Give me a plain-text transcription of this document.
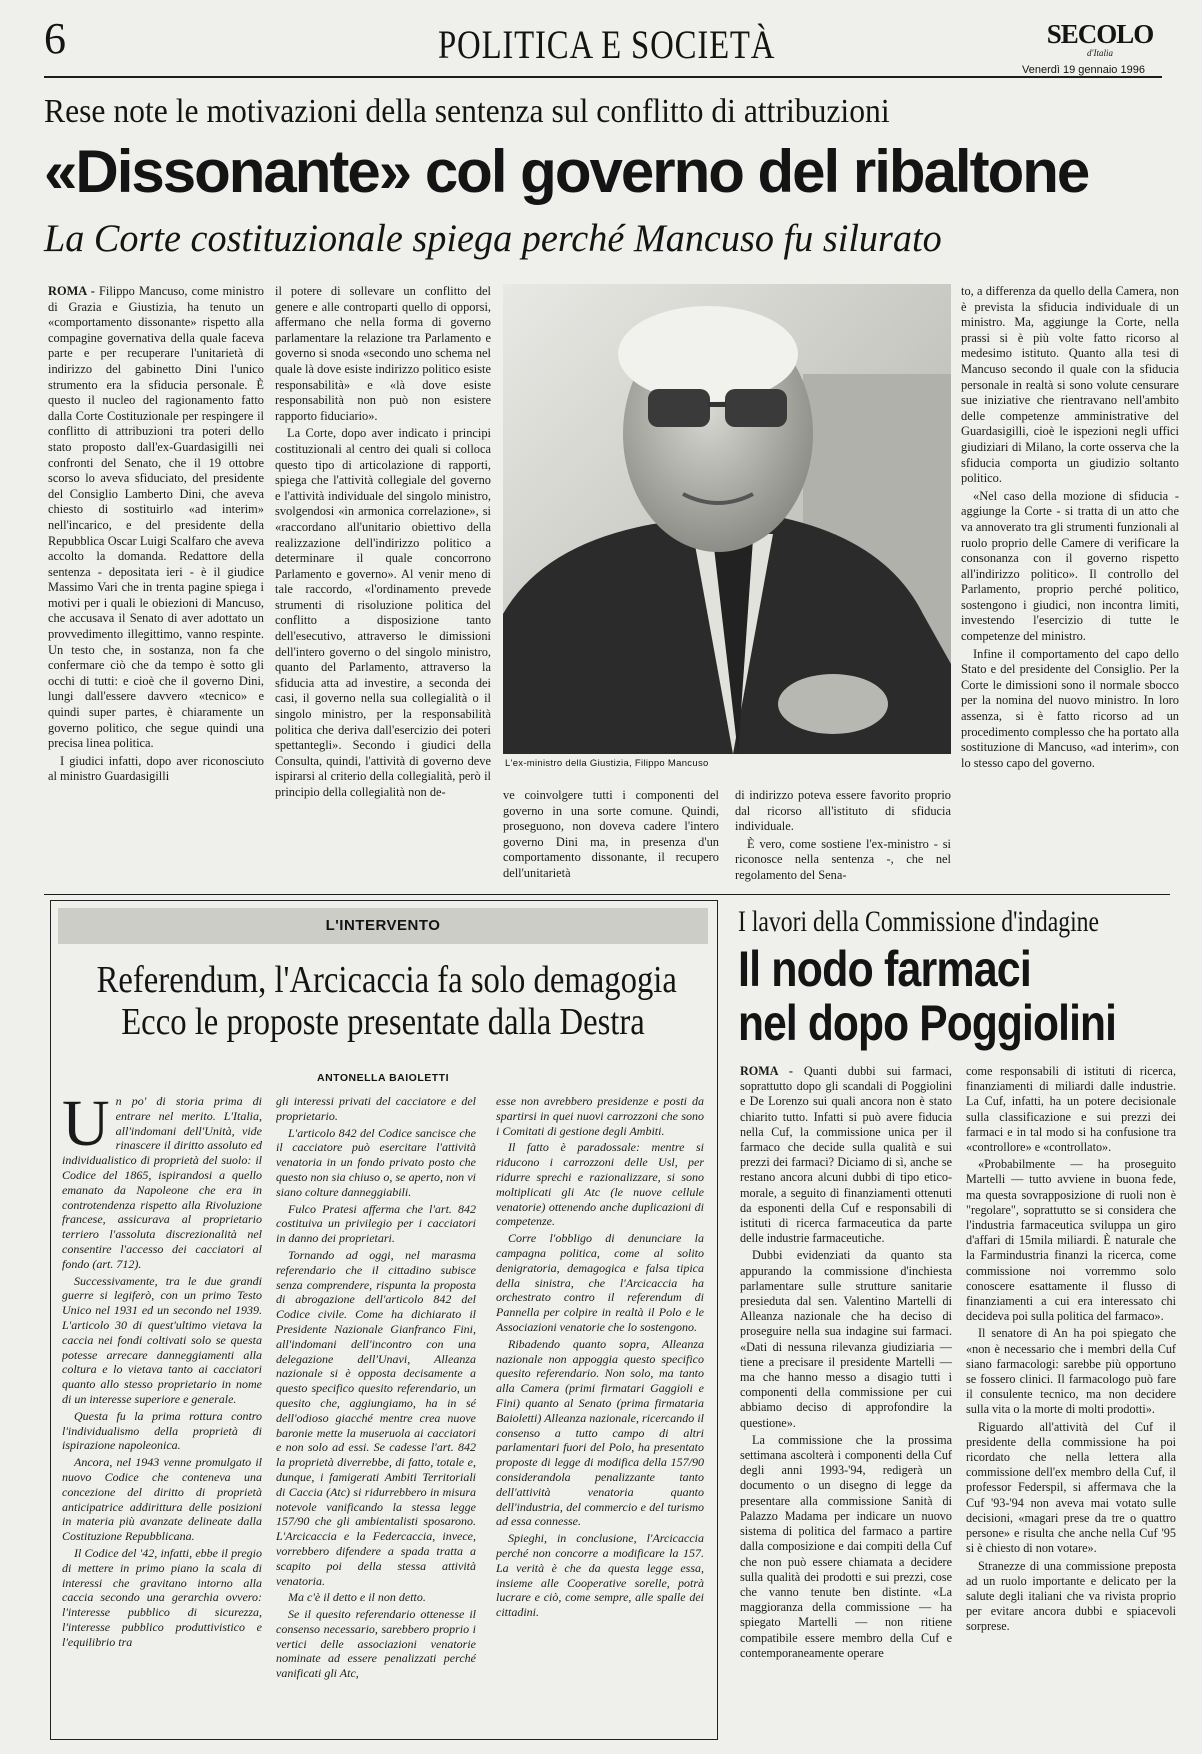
6	POLITICA E SOCIETÀ	SECOLO
d'Italia
Venerdì 19 gennaio 1996
Rese note le motivazioni della sentenza sul conflitto di attribuzioni
«Dissonante» col governo del ribaltone
La Corte costituzionale spiega perché Mancuso fu silurato

ROMA - Filippo Mancuso, come ministro di Grazia e Giustizia, ha tenuto un «comportamento dissonante» rispetto alla compagine governativa della quale faceva parte e per recuperare l'unitarietà di indirizzo del gabinetto Dini l'unico strumento era la sfiducia personale. È questo il nucleo del ragionamento fatto dalla Corte Costituzionale per respingere il conflitto di attribuzioni tra poteri dello stato proposto dall'ex-Guardasigilli nei confronti del Senato, che il 19 ottobre scorso lo aveva sfiduciato, del presidente del Consiglio Lamberto Dini, che aveva chiesto di sostituirlo «ad interim» nell'incarico, e del presidente della Repubblica Oscar Luigi Scalfaro che aveva accolto la domanda. Redattore della sentenza - depositata ieri - è il giudice Massimo Vari che in trenta pagine spiega i motivi per i quali le obiezioni di Mancuso, che accusava il Senato di aver adottato un provvedimento illegittimo, vanno respinte. Un testo che, in sostanza, non fa che confermare ciò che da tempo è sotto gli occhi di tutti: e cioè che il governo Dini, lungi dall'essere davvero «tecnico» e quindi super partes, è chiaramente un governo politico, che segue quindi una precisa linea politica.

I giudici infatti, dopo aver riconosciuto al ministro Guardasigilli

il potere di sollevare un conflitto del genere e alle controparti quello di opporsi, affermano che nella forma di governo parlamentare la relazione tra Parlamento e governo si snoda «secondo uno schema nel quale là dove esiste indirizzo politico esiste responsabilità» e «là dove esiste responsabilità non può non esistere rapporto fiduciario».

La Corte, dopo aver indicato i principi costituzionali al centro dei quali si colloca questo tipo di articolazione di rapporti, spiega che l'attività collegiale del governo e l'attività individuale del singolo ministro, svolgendosi «in armonica correlazione», si «raccordano all'unitario obiettivo della realizzazione dell'indirizzo politico a determinare il quale concorrono Parlamento e governo». Al venir meno di tale raccordo, «l'ordinamento prevede strumenti di risoluzione politica del conflitto a disposizione tanto dell'esecutivo, attraverso le dimissioni dell'intero governo o del singolo ministro, quanto del Parlamento, attraverso la sfiducia atta ad investire, a seconda dei casi, il governo nella sua collegialità o il singolo ministro, per la responsabilità politica che deriva dall'esercizio dei poteri spettantegli». Secondo i giudici della Consulta, quindi, l'attività di governo deve ispirarsi al criterio della collegialità, però il principio della collegialità non de-

L'ex-ministro della Giustizia, Filippo Mancuso

ve coinvolgere tutti i componenti del governo in una sorte comune. Quindi, proseguono, non doveva cadere l'intero governo Dini ma, in presenza d'un comportamento dissonante, il recupero dell'unitarietà

di indirizzo poteva essere favorito proprio dal ricorso all'istituto di sfiducia individuale.

È vero, come sostiene l'ex-ministro - si riconosce nella sentenza -, che nel regolamento del Sena-

to, a differenza da quello della Camera, non è prevista la sfiducia individuale di un ministro. Ma, aggiunge la Corte, nella prassi si è più volte fatto ricorso al medesimo istituto. Quanto alla tesi di Mancuso secondo il quale con la sfiducia personale in realtà si sono volute censurare sue iniziative che rientravano nell'ambito delle competenze amministrative del Guardasigilli, cioè le ispezioni negli uffici giudiziari di Milano, la corte osserva che la sfiducia comporta un giudizio soltanto politico.

«Nel caso della mozione di sfiducia - aggiunge la Corte - si tratta di un atto che va annoverato tra gli strumenti funzionali al ruolo proprio delle Camere di verificare la consonanza con il governo rispetto all'indirizzo politico». Il controllo del Parlamento, proprio perché politico, sostengono i giudici, non incontra limiti, investendo l'esercizio di tutte le competenze del ministro.

Infine il comportamento del capo dello Stato e del presidente del Consiglio. Per la Corte le dimissioni sono il normale sbocco per la nomina del nuovo ministro. In loro assenza, si è fatto ricorso ad un procedimento complesso che ha portato alla sostituzione di Mancuso, «ad interim», con lo stesso capo del governo.

L'INTERVENTO
Referendum, l'Arcicaccia fa solo demagogia
Ecco le proposte presentate dalla Destra
ANTONELLA BAIOLETTI

Un po' di storia prima di entrare nel merito. L'Italia, all'indomani dell'Unità, vide rinascere il diritto assoluto ed individualistico di proprietà del suolo: il Codice del 1865, ispirandosi a quello emanato da Napoleone che era in controtendenza rispetto alla Rivoluzione francese, assicurava al proprietario terriero l'assoluta discrezionalità nel consentire l'accesso dei cacciatori al fondo (art. 712).

Successivamente, tra le due grandi guerre si legiferò, con un primo Testo Unico nel 1931 ed un secondo nel 1939. L'articolo 30 di quest'ultimo vietava la caccia nei fondi coltivati solo se questa potesse arrecare danneggiamenti alla coltura e lo vietava tanto ai cacciatori quanto allo stesso proprietario in nome di un interesse superiore e generale.

Questa fu la prima rottura contro l'individualismo della proprietà di ispirazione napoleonica.

Ancora, nel 1943 venne promulgato il nuovo Codice che conteneva una concezione del diritto di proprietà anticipatrice addirittura delle posizioni in materia più avanzate delineate dalla Costituzione Repubblicana.

Il Codice del '42, infatti, ebbe il pregio di mettere in primo piano la scala di interessi che gravitano intorno alla caccia secondo una gerarchia ovvero: l'interesse pubblico di sicurezza, l'interesse pubblico produttivistico e l'equilibrio tra

gli interessi privati del cacciatore e del proprietario.

L'articolo 842 del Codice sancisce che il cacciatore può esercitare l'attività venatoria in un fondo privato posto che questo non sia chiuso o, se aperto, non vi siano colture danneggiabili.

Fulco Pratesi afferma che l'art. 842 costituiva un privilegio per i cacciatori in danno dei proprietari.

Tornando ad oggi, nel marasma referendario che il cittadino subisce senza comprendere, rispunta la proposta di abrogazione dell'articolo 842 del Codice civile. Come ha dichiarato il Presidente Nazionale Gianfranco Fini, all'indomani dell'incontro con una delegazione dell'Unavi, Alleanza nazionale si è opposta decisamente a questo specifico quesito referendario, un quesito che, aggiungiamo, ha in sé dell'odioso giacché mentre crea nuove baronie mette la museruola ai cacciatori e non solo ad essi. Se cadesse l'art. 842 la proprietà diverrebbe, di fatto, totale e, dunque, i famigerati Ambiti Territoriali di Caccia (Atc) si ridurrebbero in misura notevole vanificando la stessa legge 157/90 che gli ambientalisti sposarono. L'Arcicaccia e la Federcaccia, invece, vorrebbero difendere a spada tratta a scapito poi della stessa attività venatoria.

Ma c'è il detto e il non detto.

Se il quesito referendario ottenesse il consenso necessario, sarebbero proprio i vertici delle associazioni venatorie nominate ad essere penalizzati perché vanificati gli Atc,

esse non avrebbero presidenze e posti da spartirsi in quei nuovi carrozzoni che sono i Comitati di gestione degli Ambiti.

Il fatto è paradossale: mentre si riducono i carrozzoni delle Usl, per ridurre sprechi e razionalizzare, si sono moltiplicati gli Atc (le nuove cellule venatorie) ottenendo anche duplicazioni di competenze.

Corre l'obbligo di denunciare la campagna politica, come al solito denigratoria, demagogica e falsa tipica della sinistra, che l'Arcicaccia ha orchestrato contro il referendum di Pannella per colpire in realtà il Polo e le Associazioni venatorie che lo sostengono.

Ribadendo quanto sopra, Alleanza nazionale non appoggia questo specifico quesito referendario. Non solo, ma tanto alla Camera (primi firmatari Gaggioli e Fini) quanto al Senato (prima firmataria Baioletti) Alleanza nazionale, ricercando il consenso a tutto campo di altri parlamentari fuori del Polo, ha presentato proposte di legge di modifica della 157/90 considerandola penalizzante tanto dell'attività venatoria quanto dell'industria, del commercio e del turismo ad essa connesse.

Spieghi, in conclusione, l'Arcicaccia perché non concorre a modificare la 157. La verità è che da questa legge essa, insieme alle Cooperative sorelle, potrà lucrare e ciò, come sempre, alle spalle dei cittadini.

I lavori della Commissione d'indagine
Il nodo farmaci
nel dopo Poggiolini

ROMA - Quanti dubbi sui farmaci, soprattutto dopo gli scandali di Poggiolini e De Lorenzo sui quali ancora non è stato chiarito tutto. Infatti si può avere fiducia nella Cuf, la commissione unica per il farmaco che decide sulla qualità e sui prezzi dei farmaci? Diciamo di sì, anche se restano ancora alcuni dubbi di tipo etico-morale, a seguito di finanziamenti ottenuti da esponenti della Cuf e responsabili di istituti di ricerca farmaceutica da parte delle industrie farmaceutiche.

Dubbi evidenziati da quanto sta appurando la commissione d'inchiesta parlamentare sulle strutture sanitarie presieduta dal sen. Valentino Martelli di Alleanza nazionale che ha deciso di proseguire nella sua indagine sui farmaci. «Dati di nessuna rilevanza giudiziaria — tiene a precisare il presidente Martelli — ma che hanno messo a disagio tutti i componenti della commissione per cui abbiamo deciso di approfondire la questione».

La commissione che la prossima settimana ascolterà i componenti della Cuf degli anni 1993-'94, redigerà un documento o un disegno di legge da presentare alla commissione Sanità di Palazzo Madama per indicare un nuovo sistema di politica del farmaco a partire dalla composizione e dai compiti della Cuf che non può essere chiamata a decidere sulla qualità dei prodotti e sui prezzi, cose che vanno tenute ben distinte. «La maggioranza della commissione — ha spiegato Martelli — non ritiene compatibile essere membro della Cuf e contemporaneamente operare

come responsabili di istituti di ricerca, finanziamenti di miliardi dalle industrie. La Cuf, infatti, ha un potere decisionale sulla classificazione e sui prezzi dei farmaci e in tal modo si ha confusione tra «controllore» e «controllato».

«Probabilmente — ha proseguito Martelli — tutto avviene in buona fede, ma questa sovrapposizione di ruoli non è "regolare", soprattutto se si considera che l'industria farmaceutica sviluppa un giro d'affari di 15mila miliardi. È naturale che la Farmindustria finanzi la ricerca, come commissione noi vorremmo solo conoscere esattamente il flusso di finanziamenti a cui era interessato chi decideva poi sulla politica del farmaco».

Il senatore di An ha poi spiegato che «non è necessario che i membri della Cuf siano farmacologi: sarebbe più opportuno se fossero clinici. Il farmacologo può fare il consulente tecnico, ma non decidere sulla vita o la morte di molti prodotti».

Riguardo all'attività del Cuf il presidente della commissione ha poi ricordato che nella lettera alla commissione dell'ex membro della Cuf, il professor Federspil, si affermava che la Cuf '93-'94 non aveva mai votato sulle decisioni, «magari prese da tre o quattro persone» e risulta che anche nella Cuf '95 si è chiesto di non votare».

Stranezze di una commissione preposta ad un ruolo importante e delicato per la salute degli italiani che va rivista proprio per evitare ancora dubbi e spiacevoli sorprese.
